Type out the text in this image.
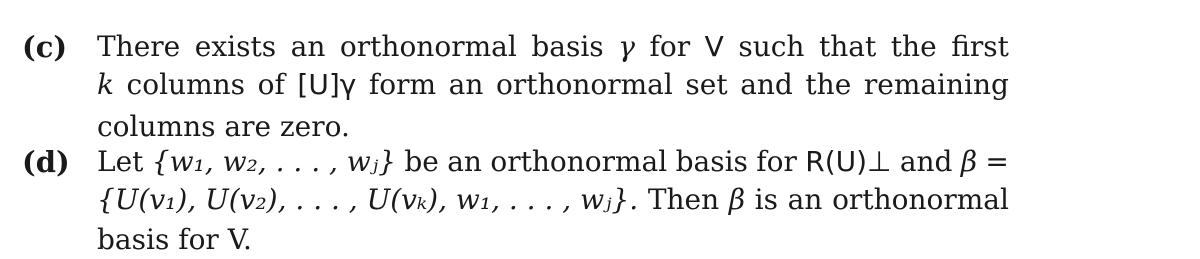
(c) There exists an orthonormal basis γ for V such that the first
k columns of [U]γ form an orthonormal set and the remaining
columns are zero.
(d) Let {w₁, w₂, . . . , wⱼ} be an orthonormal basis for R(U)⊥ and β =
{U(v₁), U(v₂), . . . , U(vₖ), w₁, . . . , wⱼ}. Then β is an orthonormal
basis for V.
